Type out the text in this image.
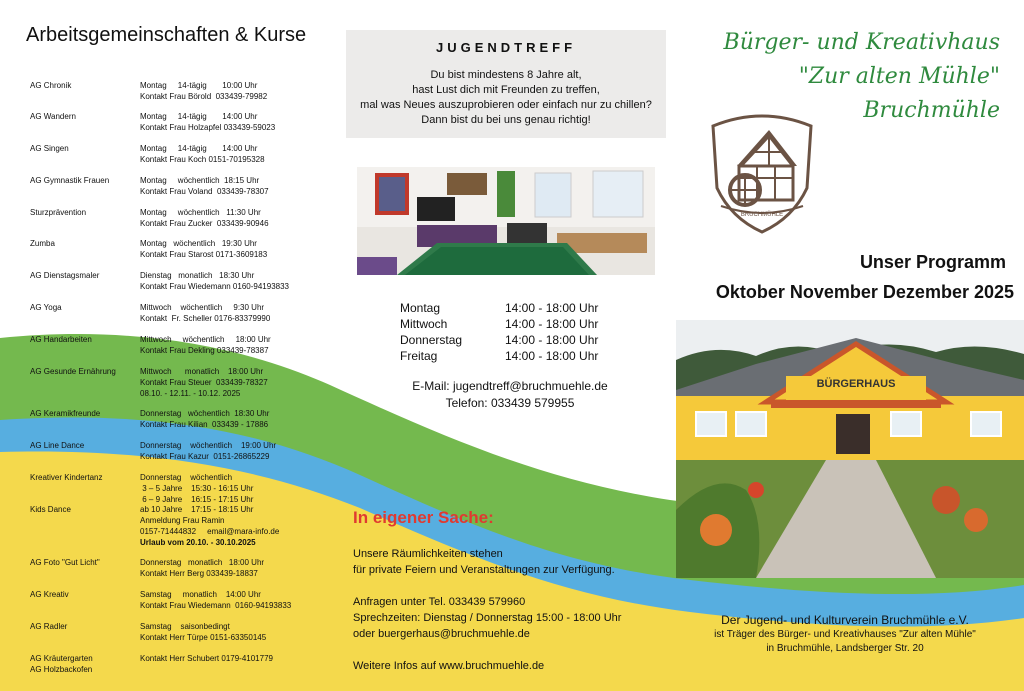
Arbeitsgemeinschaften & Kurse
AG Chronik	Montag     14-tägig       10:00 Uhr
Kontakt Frau Börold  033439-79982
AG Wandern	Montag     14-tägig       14:00 Uhr
Kontakt Frau Holzapfel 033439-59023
AG Singen	Montag     14-tägig       14:00 Uhr
Kontakt Frau Koch 0151-70195328
AG Gymnastik Frauen	Montag     wöchentlich  18:15 Uhr
Kontakt Frau Voland  033439-78307
Sturzprävention	Montag     wöchentlich   11:30 Uhr
Kontakt Frau Zucker  033439-90946
Zumba	Montag   wöchentlich   19:30 Uhr
Kontakt Frau Starost 0171-3609183
AG Dienstagsmaler	Dienstag   monatlich   18:30 Uhr
Kontakt Frau Wiedemann 0160-94193833
AG Yoga	Mittwoch    wöchentlich     9:30 Uhr
Kontakt  Fr. Scheller 0176-83379990
AG Handarbeiten	Mittwoch     wöchentlich     18:00 Uhr
Kontakt Frau Dekling 033439-78387
AG Gesunde Ernährung	Mittwoch      monatlich    18:00 Uhr
Kontakt Frau Steuer  033439-78327
08.10. - 12.11. - 10.12. 2025
AG Keramikfreunde	Donnerstag   wöchentlich  18:30 Uhr
Kontakt Frau Kilian  033439 - 17886
AG Line Dance	Donnerstag    wöchentlich    19:00 Uhr
Kontakt Frau Kazur  0151-26865229
Kreativer Kindertanz	Donnerstag    wöchentlich
3 – 5 Jahre    15:30 - 16:15 Uhr
6 – 9 Jahre    16:15 - 17:15 Uhr
Kids Dance	ab 10 Jahre    17:15 - 18:15 Uhr
Anmeldung Frau Ramin
0157-71444832     email@mara-info.de
Urlaub vom 20.10. - 30.10.2025
AG Foto "Gut Licht"	Donnerstag   monatlich   18:00 Uhr
Kontakt Herr Berg 033439-18837
AG Kreativ	Samstag     monatlich    14:00 Uhr
Kontakt Frau Wiedemann  0160-94193833
AG Radler	Samstag    saisonbedingt
Kontakt Herr Türpe 0151-63350145
AG Kräutergarten
AG Holzbackofen
Kontakt Herr Schubert 0179-4101779
JUGENDTREFF
Du bist mindestens 8 Jahre alt,
hast Lust dich mit Freunden zu treffen,
mal was Neues auszuprobieren oder einfach nur zu chillen?
Dann bist du bei uns genau richtig!
Montag	14:00 - 18:00 Uhr
Mittwoch	14:00 - 18:00 Uhr
Donnerstag	14:00 - 18:00 Uhr
Freitag	14:00 - 18:00 Uhr
E-Mail: jugendtreff@bruchmuehle.de
Telefon: 033439 579955
In eigener Sache:

Unsere Räumlichkeiten stehen
für private Feiern und Veranstaltungen zur Verfügung.

Anfragen unter Tel. 033439 579960
Sprechzeiten: Dienstag / Donnerstag 15:00 - 18:00 Uhr
oder buergerhaus@bruchmuehle.de

Weitere Infos auf www.bruchmuehle.de

Bürger- und Kreativhaus
"Zur alten Mühle"
Bruchmühle
BRUCHMÜHLE
Unser Programm
Oktober November Dezember 2025
BÜRGERHAUS
Der Jugend- und Kulturverein Bruchmühle e.V.
ist Träger des Bürger- und Kreativhauses "Zur alten Mühle"
in Bruchmühle, Landsberger Str. 20
